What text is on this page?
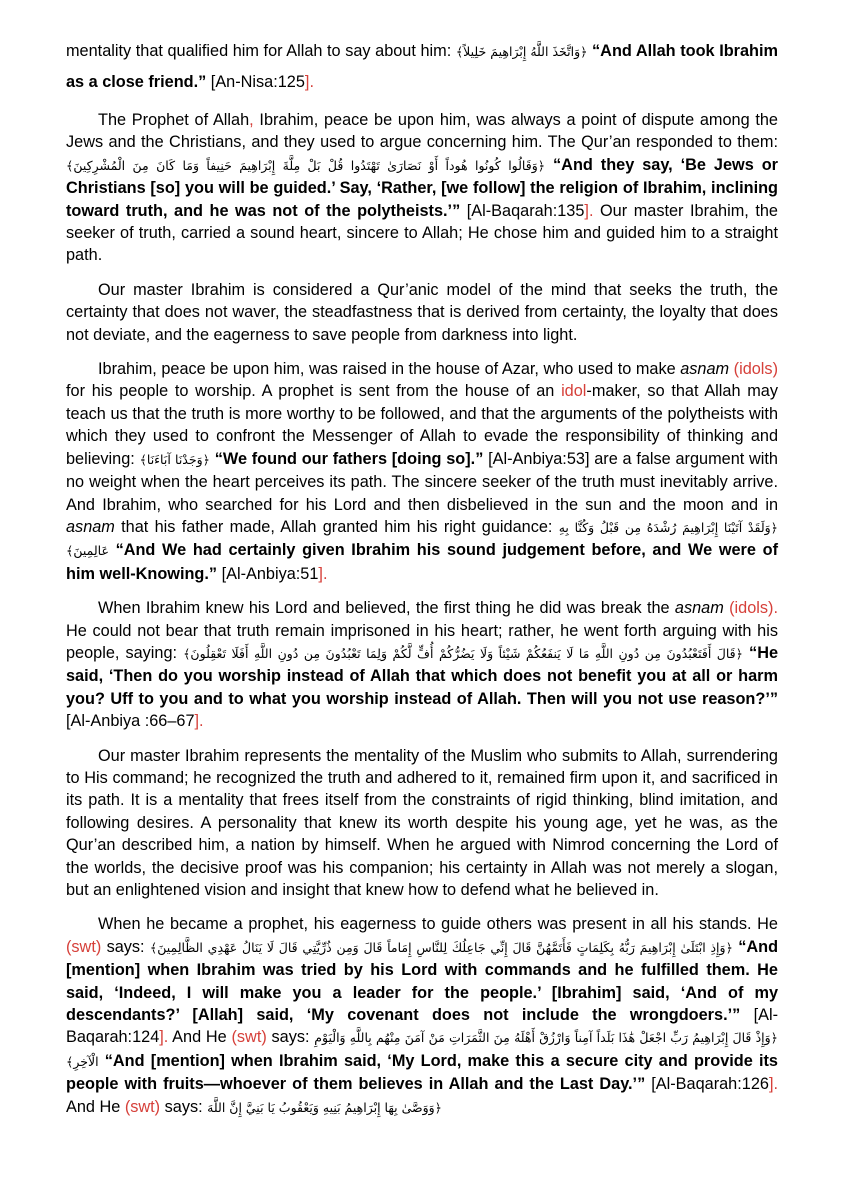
mentality that qualified him for Allah to say about him: ﴿وَاتَّخَذَ اللَّهُ إِبْرَاهِيمَ خَلِيلاً﴾ “And Allah took Ibrahim as a close friend.” [An-Nisa:125].

The Prophet of Allah, Ibrahim, peace be upon him, was always a point of dispute among the Jews and the Christians, and they used to argue concerning him. The Qur’an responded to them: ﴿وَقَالُوا كُونُوا هُوداً أَوْ نَصَارَىٰ تَهْتَدُوا قُلْ بَلْ مِلَّةَ إِبْرَاهِيمَ حَنِيفاً وَمَا كَانَ مِنَ الْمُشْرِكِينَ﴾ “And they say, ‘Be Jews or Christians [so] you will be guided.’ Say, ‘Rather, [we follow] the religion of Ibrahim, inclining toward truth, and he was not of the polytheists.’” [Al-Baqarah:135]. Our master Ibrahim, the seeker of truth, carried a sound heart, sincere to Allah; He chose him and guided him to a straight path.

Our master Ibrahim is considered a Qur’anic model of the mind that seeks the truth, the certainty that does not waver, the steadfastness that is derived from certainty, the loyalty that does not deviate, and the eagerness to save people from darkness into light.

Ibrahim, peace be upon him, was raised in the house of Azar, who used to make asnam (idols) for his people to worship. A prophet is sent from the house of an idol-maker, so that Allah may teach us that the truth is more worthy to be followed, and that the arguments of the polytheists with which they used to confront the Messenger of Allah to evade the responsibility of thinking and believing: ﴿وَجَدْنَا آبَاءَنَا﴾ “We found our fathers [doing so].” [Al-Anbiya:53] are a false argument with no weight when the heart perceives its path. The sincere seeker of the truth must inevitably arrive. And Ibrahim, who searched for his Lord and then disbelieved in the sun and the moon and in asnam that his father made, Allah granted him his right guidance: ﴿وَلَقَدْ آتَيْنَا إِبْرَاهِيمَ رُشْدَهُ مِن قَبْلُ وَكُنَّا بِهِ عَالِمِينَ﴾ “And We had certainly given Ibrahim his sound judgement before, and We were of him well-Knowing.” [Al-Anbiya:51].

When Ibrahim knew his Lord and believed, the first thing he did was break the asnam (idols). He could not bear that truth remain imprisoned in his heart; rather, he went forth arguing with his people, saying: ﴿قَالَ أَفَتَعْبُدُونَ مِن دُونِ اللَّهِ مَا لَا يَنفَعُكُمْ شَيْئاً وَلَا يَضُرُّكُمْ أُفٍّ لَّكُمْ وَلِمَا تَعْبُدُونَ مِن دُونِ اللَّهِ أَفَلَا تَعْقِلُونَ﴾ “He said, ‘Then do you worship instead of Allah that which does not benefit you at all or harm you? Uff to you and to what you worship instead of Allah. Then will you not use reason?’” [Al-Anbiya :66–67].

Our master Ibrahim represents the mentality of the Muslim who submits to Allah, surrendering to His command; he recognized the truth and adhered to it, remained firm upon it, and sacrificed in its path. It is a mentality that frees itself from the constraints of rigid thinking, blind imitation, and following desires. A personality that knew its worth despite his young age, yet he was, as the Qur’an described him, a nation by himself. When he argued with Nimrod concerning the Lord of the worlds, the decisive proof was his companion; his certainty in Allah was not merely a slogan, but an enlightened vision and insight that knew how to defend what he believed in.

When he became a prophet, his eagerness to guide others was present in all his stands. He (swt) says: ﴿وَإِذِ ابْتَلَىٰ إِبْرَاهِيمَ رَبُّهُ بِكَلِمَاتٍ فَأَتَمَّهُنَّ قَالَ إِنِّي جَاعِلُكَ لِلنَّاسِ إِمَاماً قَالَ وَمِن ذُرِّيَّتِي قَالَ لَا يَنَالُ عَهْدِي الظَّالِمِينَ﴾ “And [mention] when Ibrahim was tried by his Lord with commands and he fulfilled them. He said, ‘Indeed, I will make you a leader for the people.’ [Ibrahim] said, ‘And of my descendants?’ [Allah] said, ‘My covenant does not include the wrongdoers.’” [Al-Baqarah:124]. And He (swt) says: ﴿وَإِذْ قَالَ إِبْرَاهِيمُ رَبِّ اجْعَلْ هَٰذَا بَلَداً آمِناً وَارْزُقْ أَهْلَهُ مِنَ الثَّمَرَاتِ مَنْ آمَنَ مِنْهُم بِاللَّهِ وَالْيَوْمِ الْآخِرِ﴾ “And [mention] when Ibrahim said, ‘My Lord, make this a secure city and provide its people with fruits—whoever of them believes in Allah and the Last Day.’” [Al-Baqarah:126]. And He (swt) says: ﴿وَوَصَّىٰ بِهَا إِبْرَاهِيمُ بَنِيهِ وَيَعْقُوبُ يَا بَنِيَّ إِنَّ اللَّهَ
